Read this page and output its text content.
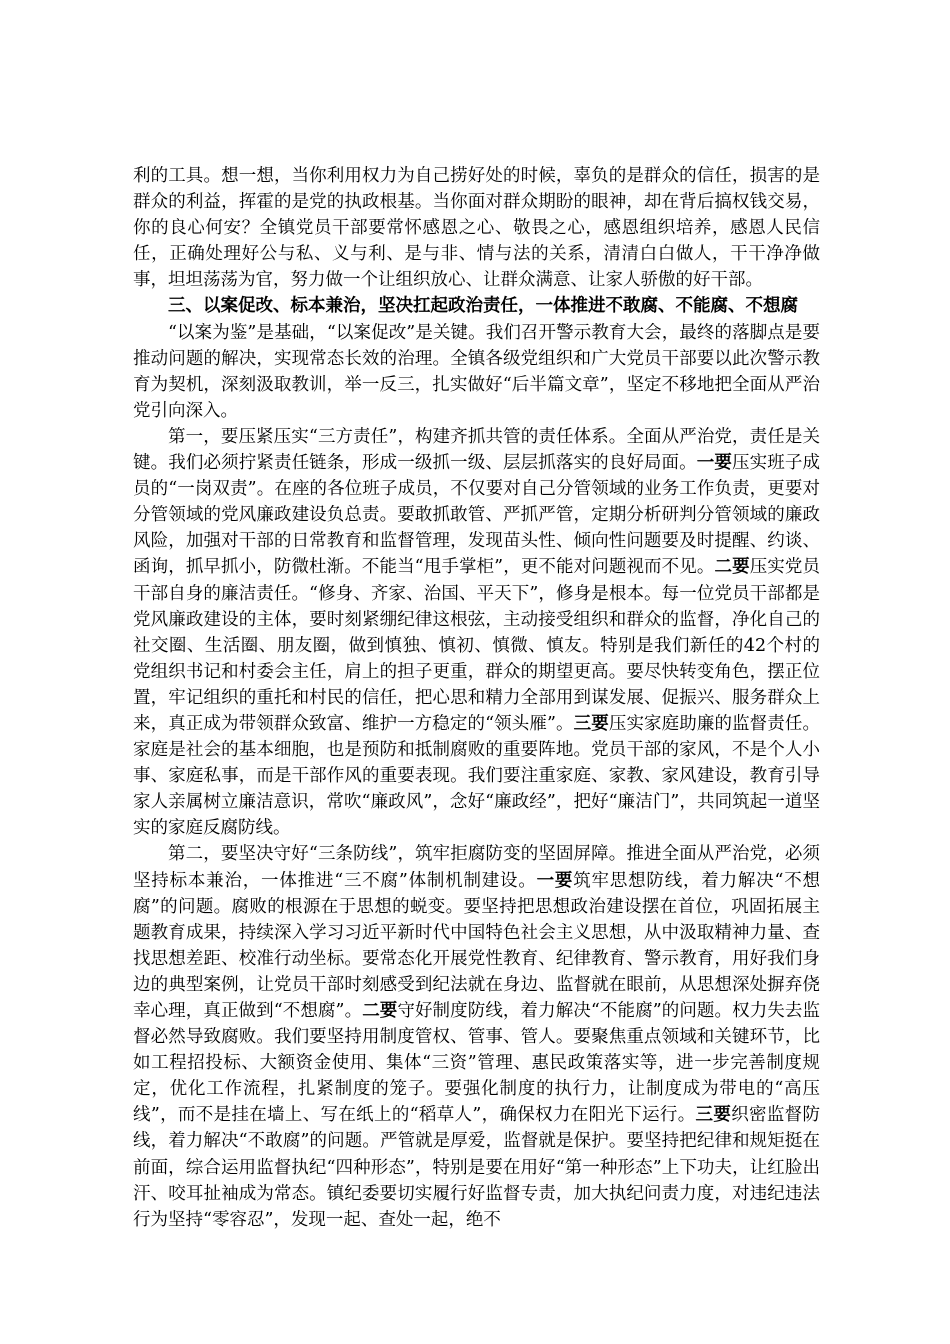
利的工具。想一想，当你利用权力为自己捞好处的时候，辜负的是群众的信任，损害的是群众的利益，挥霍的是党的执政根基。当你面对群众期盼的眼神，却在背后搞权钱交易，你的良心何安？全镇党员干部要常怀感恩之心、敬畏之心，感恩组织培养，感恩人民信任，正确处理好公与私、义与利、是与非、情与法的关系，清清白白做人，干干净净做事，坦坦荡荡为官，努力做一个让组织放心、让群众满意、让家人骄傲的好干部。

三、以案促改、标本兼治，坚决扛起政治责任，一体推进不敢腐、不能腐、不想腐

“以案为鉴”是基础，“以案促改”是关键。我们召开警示教育大会，最终的落脚点是要推动问题的解决，实现常态长效的治理。全镇各级党组织和广大党员干部要以此次警示教育为契机，深刻汲取教训，举一反三，扎实做好“后半篇文章”，坚定不移地把全面从严治党引向深入。

第一，要压紧压实“三方责任”，构建齐抓共管的责任体系。全面从严治党，责任是关键。我们必须拧紧责任链条，形成一级抓一级、层层抓落实的良好局面。一要压实班子成员的“一岗双责”。在座的各位班子成员，不仅要对自己分管领域的业务工作负责，更要对分管领域的党风廉政建设负总责。要敢抓敢管、严抓严管，定期分析研判分管领域的廉政风险，加强对干部的日常教育和监督管理，发现苗头性、倾向性问题要及时提醒、约谈、函询，抓早抓小，防微杜渐。不能当“甩手掌柜”，更不能对问题视而不见。二要压实党员干部自身的廉洁责任。“修身、齐家、治国、平天下”，修身是根本。每一位党员干部都是党风廉政建设的主体，要时刻紧绷纪律这根弦，主动接受组织和群众的监督，净化自己的社交圈、生活圈、朋友圈，做到慎独、慎初、慎微、慎友。特别是我们新任的42个村的党组织书记和村委会主任，肩上的担子更重，群众的期望更高。要尽快转变角色，摆正位置，牢记组织的重托和村民的信任，把心思和精力全部用到谋发展、促振兴、服务群众上来，真正成为带领群众致富、维护一方稳定的“领头雁”。三要压实家庭助廉的监督责任。家庭是社会的基本细胞，也是预防和抵制腐败的重要阵地。党员干部的家风，不是个人小事、家庭私事，而是干部作风的重要表现。我们要注重家庭、家教、家风建设，教育引导家人亲属树立廉洁意识，常吹“廉政风”，念好“廉政经”，把好“廉洁门”，共同筑起一道坚实的家庭反腐防线。

第二，要坚决守好“三条防线”，筑牢拒腐防变的坚固屏障。推进全面从严治党，必须坚持标本兼治，一体推进“三不腐”体制机制建设。一要筑牢思想防线，着力解决“不想腐”的问题。腐败的根源在于思想的蜕变。要坚持把思想政治建设摆在首位，巩固拓展主题教育成果，持续深入学习习近平新时代中国特色社会主义思想，从中汲取精神力量、查找思想差距、校准行动坐标。要常态化开展党性教育、纪律教育、警示教育，用好我们身边的典型案例，让党员干部时刻感受到纪法就在身边、监督就在眼前，从思想深处摒弃侥幸心理，真正做到“不想腐”。二要守好制度防线，着力解决“不能腐”的问题。权力失去监督必然导致腐败。我们要坚持用制度管权、管事、管人。要聚焦重点领域和关键环节，比如工程招投标、大额资金使用、集体“三资”管理、惠民政策落实等，进一步完善制度规定，优化工作流程，扎紧制度的笼子。要强化制度的执行力，让制度成为带电的“高压线”，而不是挂在墙上、写在纸上的“稻草人”，确保权力在阳光下运行。三要织密监督防线，着力解决“不敢腐”的问题。严管就是厚爱，监督就是保护。要坚持把纪律和规矩挺在前面，综合运用监督执纪“四种形态”，特别是要在用好“第一种形态”上下功夫，让红脸出汗、咬耳扯袖成为常态。镇纪委要切实履行好监督专责，加大执纪问责力度，对违纪违法行为坚持“零容忍”，发现一起、查处一起，绝不
